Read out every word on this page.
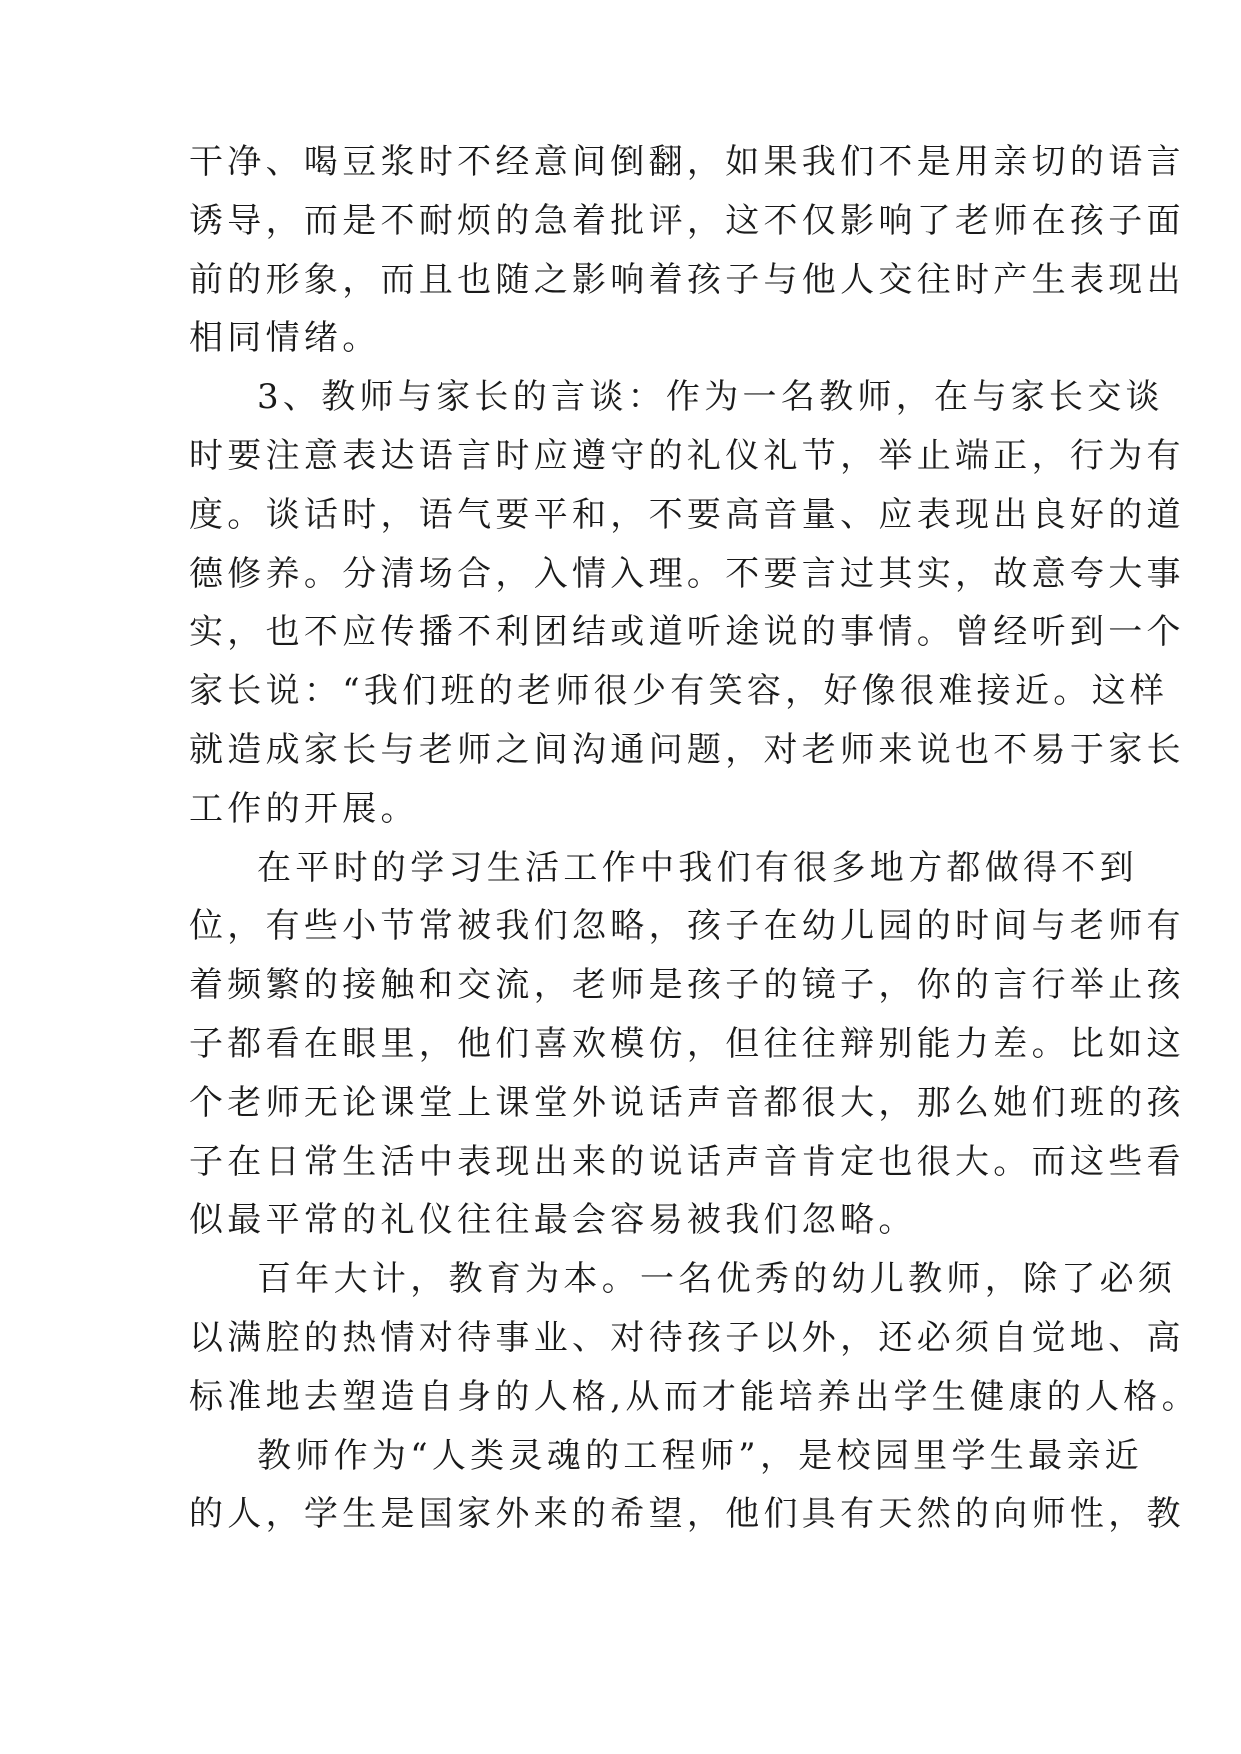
干净、喝豆浆时不经意间倒翻，如果我们不是用亲切的语言
诱导，而是不耐烦的急着批评，这不仅影响了老师在孩子面
前的形象，而且也随之影响着孩子与他人交往时产生表现出
相同情绪。
3、教师与家长的言谈：作为一名教师，在与家长交谈
时要注意表达语言时应遵守的礼仪礼节，举止端正，行为有
度。谈话时，语气要平和，不要高音量、应表现出良好的道
德修养。分清场合，入情入理。不要言过其实，故意夸大事
实，也不应传播不利团结或道听途说的事情。曾经听到一个
家长说：“我们班的老师很少有笑容，好像很难接近。这样
就造成家长与老师之间沟通问题，对老师来说也不易于家长
工作的开展。
在平时的学习生活工作中我们有很多地方都做得不到
位，有些小节常被我们忽略，孩子在幼儿园的时间与老师有
着频繁的接触和交流，老师是孩子的镜子，你的言行举止孩
子都看在眼里，他们喜欢模仿，但往往辩别能力差。比如这
个老师无论课堂上课堂外说话声音都很大，那么她们班的孩
子在日常生活中表现出来的说话声音肯定也很大。而这些看
似最平常的礼仪往往最会容易被我们忽略。
百年大计，教育为本。一名优秀的幼儿教师，除了必须
以满腔的热情对待事业、对待孩子以外，还必须自觉地、高
标准地去塑造自身的人格,从而才能培养出学生健康的人格。
教师作为“人类灵魂的工程师”，是校园里学生最亲近
的人，学生是国家外来的希望，他们具有天然的向师性，教
